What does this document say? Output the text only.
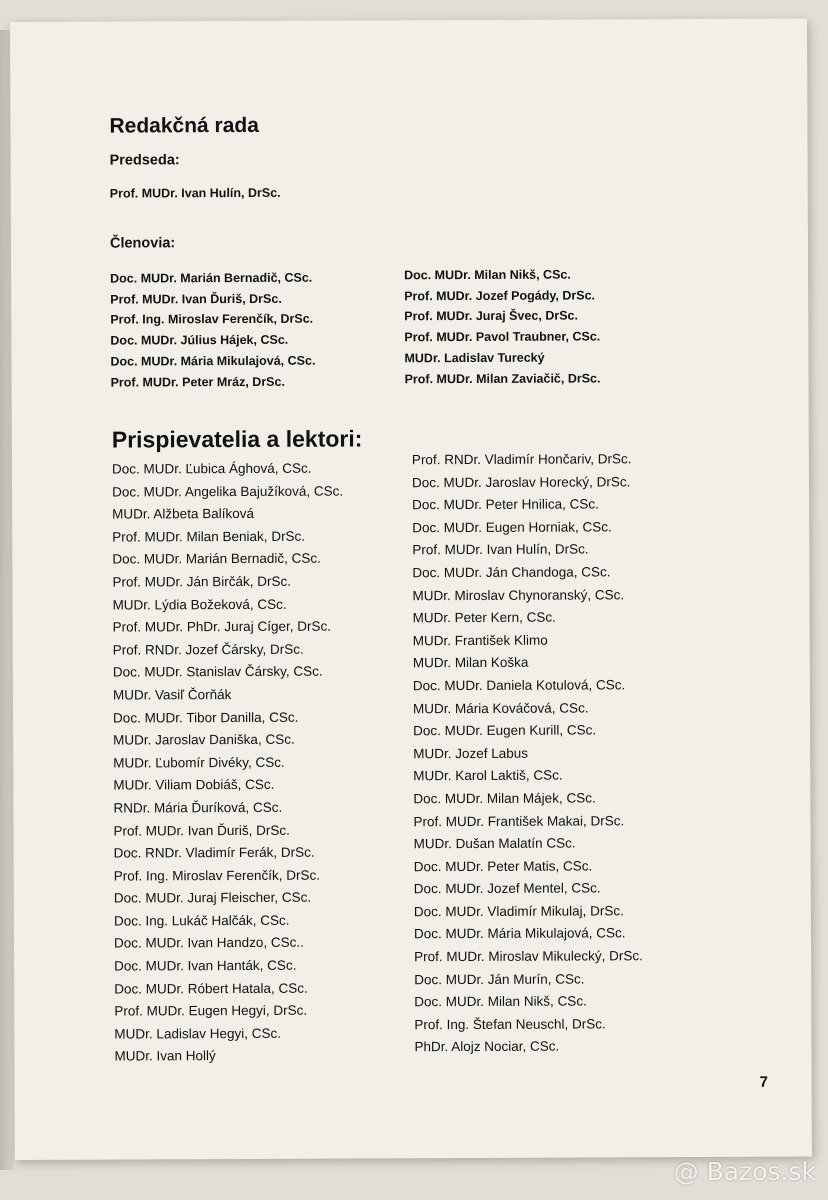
Redakčná rada
Predseda:
Prof. MUDr. Ivan Hulín, DrSc.
Členovia:
Doc. MUDr. Marián Bernadič, CSc.
Prof. MUDr. Ivan Ďuriš, DrSc.
Prof. Ing. Miroslav Ferenčík, DrSc.
Doc. MUDr. Július Hájek, CSc.
Doc. MUDr. Mária Mikulajová, CSc.
Prof. MUDr. Peter Mráz, DrSc.
Doc. MUDr. Milan Nikš, CSc.
Prof. MUDr. Jozef Pogády, DrSc.
Prof. MUDr. Juraj Švec, DrSc.
Prof. MUDr. Pavol Traubner, CSc.
MUDr. Ladislav Turecký
Prof. MUDr. Milan Zaviačič, DrSc.
Prispievatelia a lektori:
Doc. MUDr. Ľubica Ághová, CSc.
Doc. MUDr. Angelika Bajužíková, CSc.
MUDr. Alžbeta Balíková
Prof. MUDr. Milan Beniak, DrSc.
Doc. MUDr. Marián Bernadič, CSc.
Prof. MUDr. Ján Birčák, DrSc.
MUDr. Lýdia Božeková, CSc.
Prof. MUDr. PhDr. Juraj Cíger, DrSc.
Prof. RNDr. Jozef Čársky, DrSc.
Doc. MUDr. Stanislav Čársky, CSc.
MUDr. Vasiľ Čorňák
Doc. MUDr. Tibor Danilla, CSc.
MUDr. Jaroslav Daniška, CSc.
MUDr. Ľubomír Divéky, CSc.
MUDr. Viliam Dobiáš, CSc.
RNDr. Mária Ďuríková, CSc.
Prof. MUDr. Ivan Ďuriš, DrSc.
Doc. RNDr. Vladimír Ferák, DrSc.
Prof. Ing. Miroslav Ferenčík, DrSc.
Doc. MUDr. Juraj Fleischer, CSc.
Doc. Ing. Lukáč Halčák, CSc.
Doc. MUDr. Ivan Handzo, CSc..
Doc. MUDr. Ivan Hanták, CSc.
Doc. MUDr. Róbert Hatala, CSc.
Prof. MUDr. Eugen Hegyi, DrSc.
MUDr. Ladislav Hegyi, CSc.
MUDr. Ivan Hollý
Prof. RNDr. Vladimír Hončariv, DrSc.
Doc. MUDr. Jaroslav Horecký, DrSc.
Doc. MUDr. Peter Hnilica, CSc.
Doc. MUDr. Eugen Horniak, CSc.
Prof. MUDr. Ivan Hulín, DrSc.
Doc. MUDr. Ján Chandoga, CSc.
MUDr. Miroslav Chynoranský, CSc.
MUDr. Peter Kern, CSc.
MUDr. František Klimo
MUDr. Milan Koška
Doc. MUDr. Daniela Kotulová, CSc.
MUDr. Mária Kováčová, CSc.
Doc. MUDr. Eugen Kurill, CSc.
MUDr. Jozef Labus
MUDr. Karol Laktiš, CSc.
Doc. MUDr. Milan Májek, CSc.
Prof. MUDr. František Makai, DrSc.
MUDr. Dušan Malatín CSc.
Doc. MUDr. Peter Matis, CSc.
Doc. MUDr. Jozef Mentel, CSc.
Doc. MUDr. Vladimír Mikulaj, DrSc.
Doc. MUDr. Mária Mikulajová, CSc.
Prof. MUDr. Miroslav Mikulecký, DrSc.
Doc. MUDr. Ján Murín, CSc.
Doc. MUDr. Milan Nikš, CSc.
Prof. Ing. Štefan Neuschl, DrSc.
PhDr. Alojz Nociar, CSc.
7
@ Bazos.sk
